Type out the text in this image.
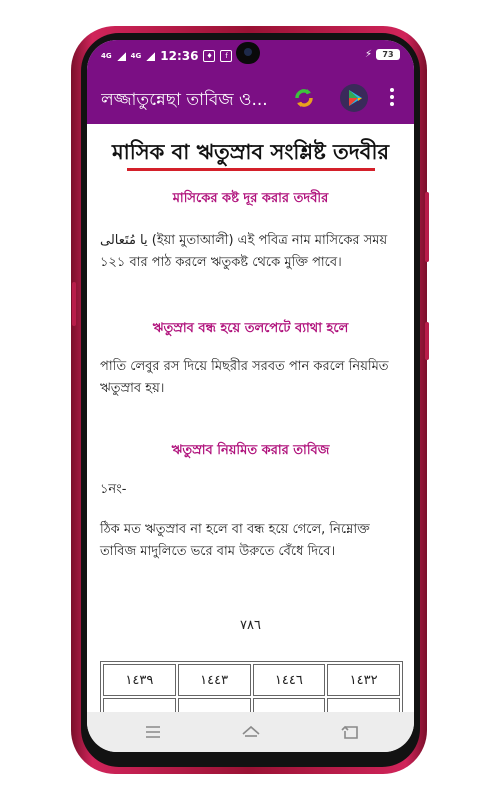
4G	4G 12:36	♦	f	⚡	73
লজ্জাতুন্নেছা তাবিজ ও...
মাসিক বা ঋতুস্রাব সংশ্লিষ্ট তদবীর
মাসিকের কষ্ট দূর করার তদবীর
يا مُتَعالى (ইয়া মুতাআলী) এই পবিত্র নাম মাসিকের সময় ১২১ বার পাঠ করলে ঋতুকষ্ট থেকে মুক্তি পাবে।
ঋতুস্রাব বন্ধ হয়ে তলপেটে ব্যাথা হলে
পাতি লেবুর রস দিয়ে মিছরীর সরবত পান করলে নিয়মিত ঋতুস্রাব হয়।
ঋতুস্রাব নিয়মিত করার তাবিজ
১নং-
ঠিক মত ঋতুস্রাব না হলে বা বন্ধ হয়ে গেলে, নিম্নোক্ত তাবিজ মাদুলিতে ভরে বাম উরুতে বেঁধে দিবে।
٧٨٦
١٤٣٩	١٤٤٣	١٤٤٦	١٤٣٢
